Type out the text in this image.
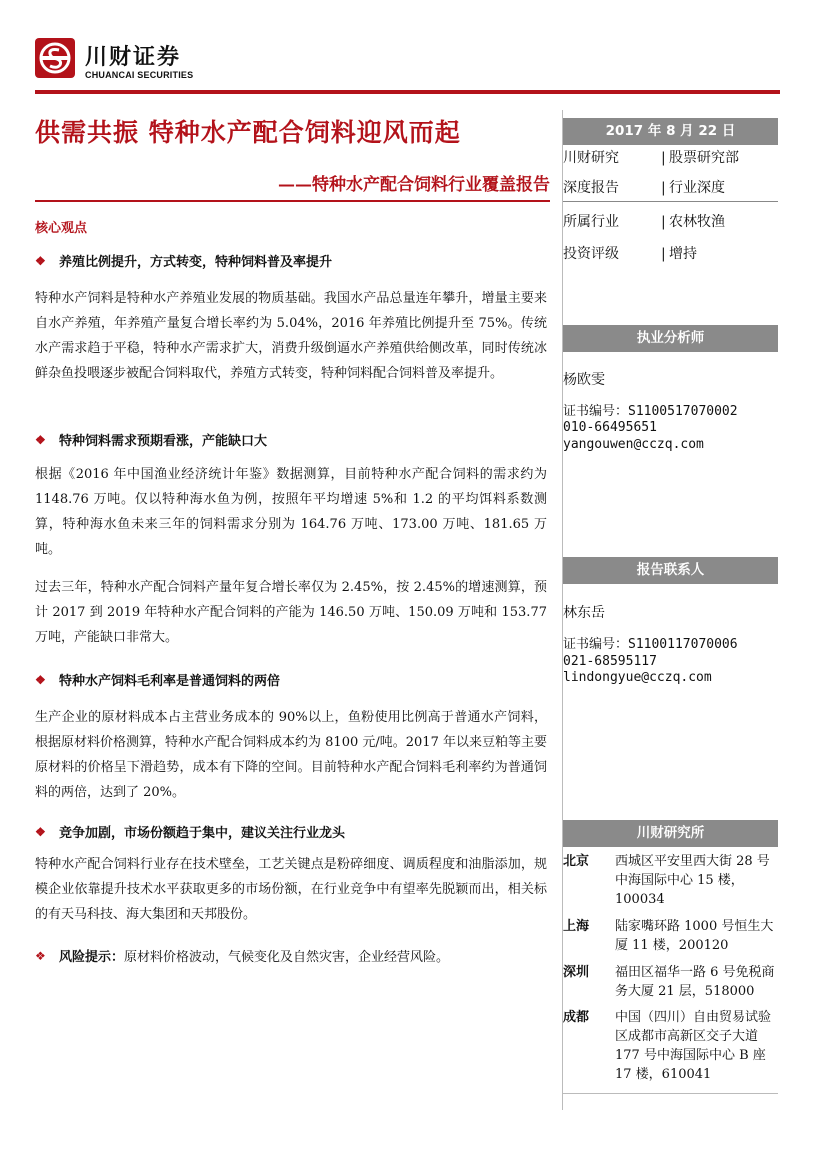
川财证券
CHUANCAI SECURITIES
供需共振 特种水产配合饲料迎风而起
——特种水产配合饲料行业覆盖报告
核心观点
❖	养殖比例提升，方式转变，特种饲料普及率提升
特种水产饲料是特种水产养殖业发展的物质基础。我国水产品总量连年攀升，增量主要来自水产养殖，年养殖产量复合增长率约为 5.04%，2016 年养殖比例提升至 75%。传统水产需求趋于平稳，特种水产需求扩大，消费升级倒逼水产养殖供给侧改革，同时传统冰鲜杂鱼投喂逐步被配合饲料取代，养殖方式转变，特种饲料配合饲料普及率提升。
❖	特种饲料需求预期看涨，产能缺口大
根据《2016 年中国渔业经济统计年鉴》数据测算，目前特种水产配合饲料的需求约为 1148.76 万吨。仅以特种海水鱼为例，按照年平均增速 5%和 1.2 的平均饵料系数测算，特种海水鱼未来三年的饲料需求分别为 164.76 万吨、173.00 万吨、181.65 万吨。
过去三年，特种水产配合饲料产量年复合增长率仅为 2.45%，按 2.45%的增速测算，预计 2017 到 2019 年特种水产配合饲料的产能为 146.50 万吨、150.09 万吨和 153.77 万吨，产能缺口非常大。
❖	特种水产饲料毛利率是普通饲料的两倍
生产企业的原材料成本占主营业务成本的 90%以上，鱼粉使用比例高于普通水产饲料，根据原材料价格测算，特种水产配合饲料成本约为 8100 元/吨。2017 年以来豆粕等主要原材料的价格呈下滑趋势，成本有下降的空间。目前特种水产配合饲料毛利率约为普通饲料的两倍，达到了 20%。
❖	竞争加剧，市场份额趋于集中，建议关注行业龙头
特种水产配合饲料行业存在技术壁垒，工艺关键点是粉碎细度、调质程度和油脂添加，规模企业依靠提升技术水平获取更多的市场份额，在行业竞争中有望率先脱颖而出，相关标的有天马科技、海大集团和天邦股份。
❖	风险提示： 原材料价格波动，气候变化及自然灾害，企业经营风险。
2017 年 8 月 22 日
川财研究	| 股票研究部
深度报告	| 行业深度
所属行业	| 农林牧渔
投资评级	| 增持
执业分析师
杨欧雯
证书编号：S1100517070002
010-66495651
yangouwen@cczq.com
报告联系人
林东岳
证书编号：S1100117070006
021-68595117
lindongyue@cczq.com
川财研究所
北京 西城区平安里西大街 28 号中海国际中心 15 楼，100034
上海 陆家嘴环路 1000 号恒生大厦 11 楼，200120
深圳 福田区福华一路 6 号免税商务大厦 21 层，518000
成都 中国（四川）自由贸易试验区成都市高新区交子大道 177 号中海国际中心 B 座 17 楼，610041
